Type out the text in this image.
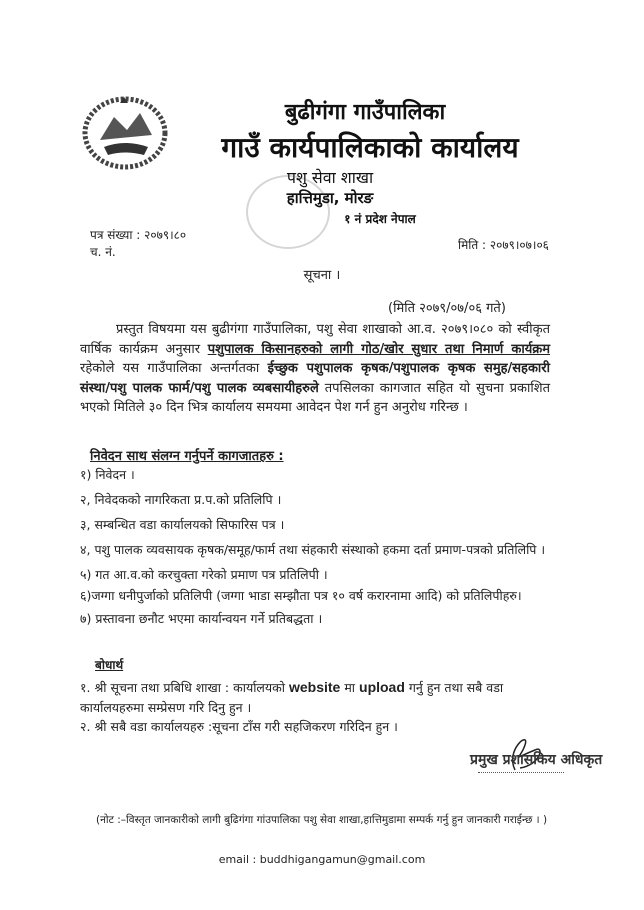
बुढीगंगा गाउँपालिका
गाउँ कार्यपालिकाको कार्यालय
पशु सेवा शाखा
हात्तिमुडा, मोरङ
१ नं प्रदेश नेपाल
पत्र संख्या : २०७९।८०
च. नं.	मिति : २०७९।०७।०६
सूचना ।
(मिति २०७९/०७/०६ गते)
प्रस्तुत विषयमा यस बुढीगंगा गाउँपालिका, पशु सेवा शाखाको आ.व. २०७९।०८० को स्वीकृत वार्षिक कार्यक्रम अनुसार पशुपालक किसानहरुको लागी गोठ/खोर सुधार तथा निमार्ण कार्यक्रम रहेकोले यस गाउँपालिका अन्तर्गतका ईच्छुक पशुपालक कृषक/पशुपालक कृषक समुह/सहकारी संस्था/पशु पालक फार्म/पशु पालक व्यबसायीहरुले तपसिलका कागजात सहित यो सुचना प्रकाशित भएको मितिले ३० दिन भित्र कार्यालय समयमा आवेदन पेश गर्न हुन अनुरोध गरिन्छ ।
निवेदन साथ संलग्न गर्नुपर्ने कागजातहरु :
१) निवेदन ।
२, निवेदकको नागरिकता प्र.प.को प्रतिलिपि ।
३, सम्बन्धित वडा कार्यालयको सिफारिस पत्र ।
४, पशु पालक व्यवसायक कृषक/समूह/फार्म तथा संहकारी संस्थाको हकमा दर्ता प्रमाण-पत्रको प्रतिलिपि ।
५) गत आ.व.को करचुक्ता गरेको प्रमाण पत्र प्रतिलिपी ।
६)जग्गा धनीपुर्जाको प्रतिलिपी (जग्गा भाडा सम्झौता पत्र १० वर्ष करारनामा आदि) को प्रतिलिपीहरु।
७) प्रस्तावना छनौट भएमा कार्यान्वयन गर्ने प्रतिबद्धता ।
बोधार्थ
१. श्री सूचना तथा प्रबिधि शाखा : कार्यालयको website मा upload गर्नु हुन तथा सबै वडा कार्यालयहरुमा सम्प्रेसण गरि दिनु हुन ।
२. श्री सबै वडा कार्यालयहरु :सूचना टाँस गरी सहजिकरण गरिदिन हुन ।
प्रमुख प्रशासकिय अधिकृत
(नोट :–विस्तृत जानकारीको लागी बुढिगंगा गांउपालिका पशु सेवा शाखा,हात्तिमुडामा सम्पर्क गर्नु हुन जानकारी गराईन्छ । )
email : buddhigangamun@gmail.com
